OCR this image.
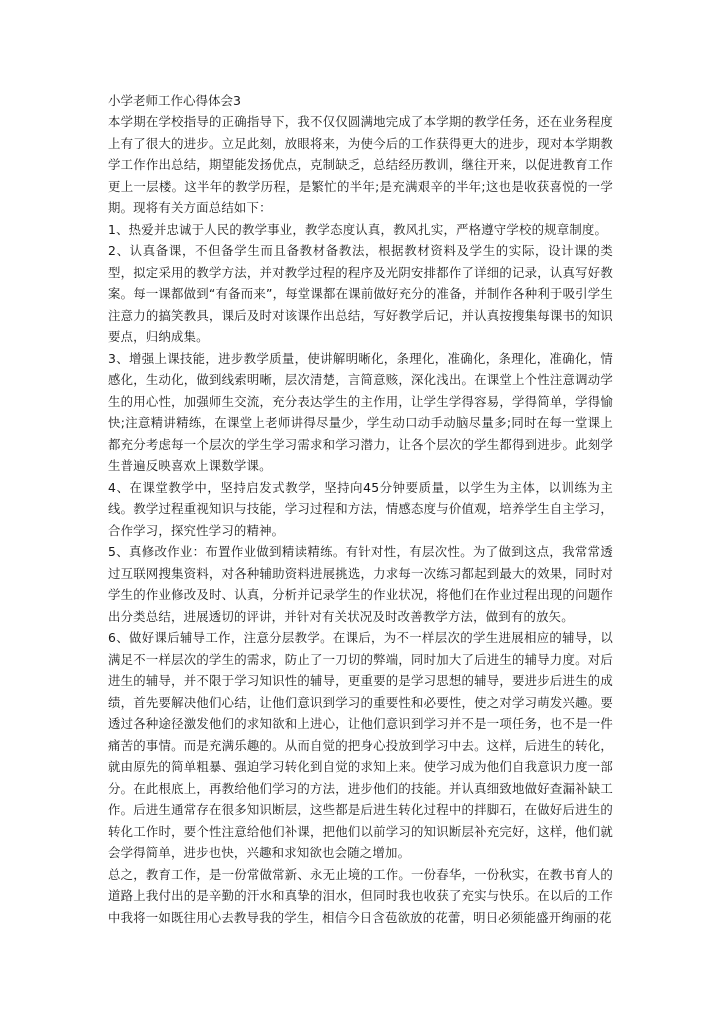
小学老师工作心得体会3

本学期在学校指导的正确指导下，我不仅仅圆满地完成了本学期的教学任务，还在业务程度上有了很大的进步。立足此刻，放眼将来，为使今后的工作获得更大的进步，现对本学期教学工作作出总结，期望能发扬优点，克制缺乏，总结经历教训，继往开来，以促进教育工作更上一层楼。这半年的教学历程，是繁忙的半年;是充满艰辛的半年;这也是收获喜悦的一学期。现将有关方面总结如下：

1、热爱并忠诚于人民的教学事业，教学态度认真，教风扎实，严格遵守学校的规章制度。

2、认真备课，不但备学生而且备教材备教法，根据教材资料及学生的实际，设计课的类型，拟定采用的教学方法，并对教学过程的程序及光阴安排都作了详细的记录，认真写好教案。每一课都做到“有备而来”，每堂课都在课前做好充分的准备，并制作各种利于吸引学生注意力的搞笑教具，课后及时对该课作出总结，写好教学后记，并认真按搜集每课书的知识要点，归纳成集。

3、增强上课技能，进步教学质量，使讲解明晰化，条理化，准确化，条理化，准确化，情感化，生动化，做到线索明晰，层次清楚，言简意赅，深化浅出。在课堂上个性注意调动学生的用心性，加强师生交流，充分表达学生的主作用，让学生学得容易，学得简单，学得愉快;注意精讲精练，在课堂上老师讲得尽量少，学生动口动手动脑尽量多;同时在每一堂课上都充分考虑每一个层次的学生学习需求和学习潜力，让各个层次的学生都得到进步。此刻学生普遍反映喜欢上课数学课。

4、在课堂教学中，坚持启发式教学，坚持向45分钟要质量，以学生为主体，以训练为主线。教学过程重视知识与技能，学习过程和方法，情感态度与价值观，培养学生自主学习，合作学习，探究性学习的精神。

5、真修改作业：布置作业做到精读精练。有针对性，有层次性。为了做到这点，我常常透过互联网搜集资料，对各种辅助资料进展挑选，力求每一次练习都起到最大的效果，同时对学生的作业修改及时、认真，分析并记录学生的作业状况，将他们在作业过程出现的问题作出分类总结，进展透切的评讲，并针对有关状况及时改善教学方法，做到有的放矢。

6、做好课后辅导工作，注意分层教学。在课后，为不一样层次的学生进展相应的辅导，以满足不一样层次的学生的需求，防止了一刀切的弊端，同时加大了后进生的辅导力度。对后进生的辅导，并不限于学习知识性的辅导，更重要的是学习思想的辅导，要进步后进生的成绩，首先要解决他们心结，让他们意识到学习的重要性和必要性，使之对学习萌发兴趣。要透过各种途径激发他们的求知欲和上进心，让他们意识到学习并不是一项任务，也不是一件痛苦的事情。而是充满乐趣的。从而自觉的把身心投放到学习中去。这样，后进生的转化，就由原先的简单粗暴、强迫学习转化到自觉的求知上来。使学习成为他们自我意识力度一部分。在此根底上，再教给他们学习的方法，进步他们的技能。并认真细致地做好查漏补缺工作。后进生通常存在很多知识断层，这些都是后进生转化过程中的拌脚石，在做好后进生的转化工作时，要个性注意给他们补课，把他们以前学习的知识断层补充完好，这样，他们就会学得简单，进步也快，兴趣和求知欲也会随之增加。

总之，教育工作，是一份常做常新、永无止境的工作。一份春华，一份秋实，在教书育人的道路上我付出的是辛勤的汗水和真挚的泪水，但同时我也收获了充实与快乐。在以后的工作中我将一如既往用心去教导我的学生，相信今日含苞欲放的花蕾，明日必须能盛开绚丽的花
